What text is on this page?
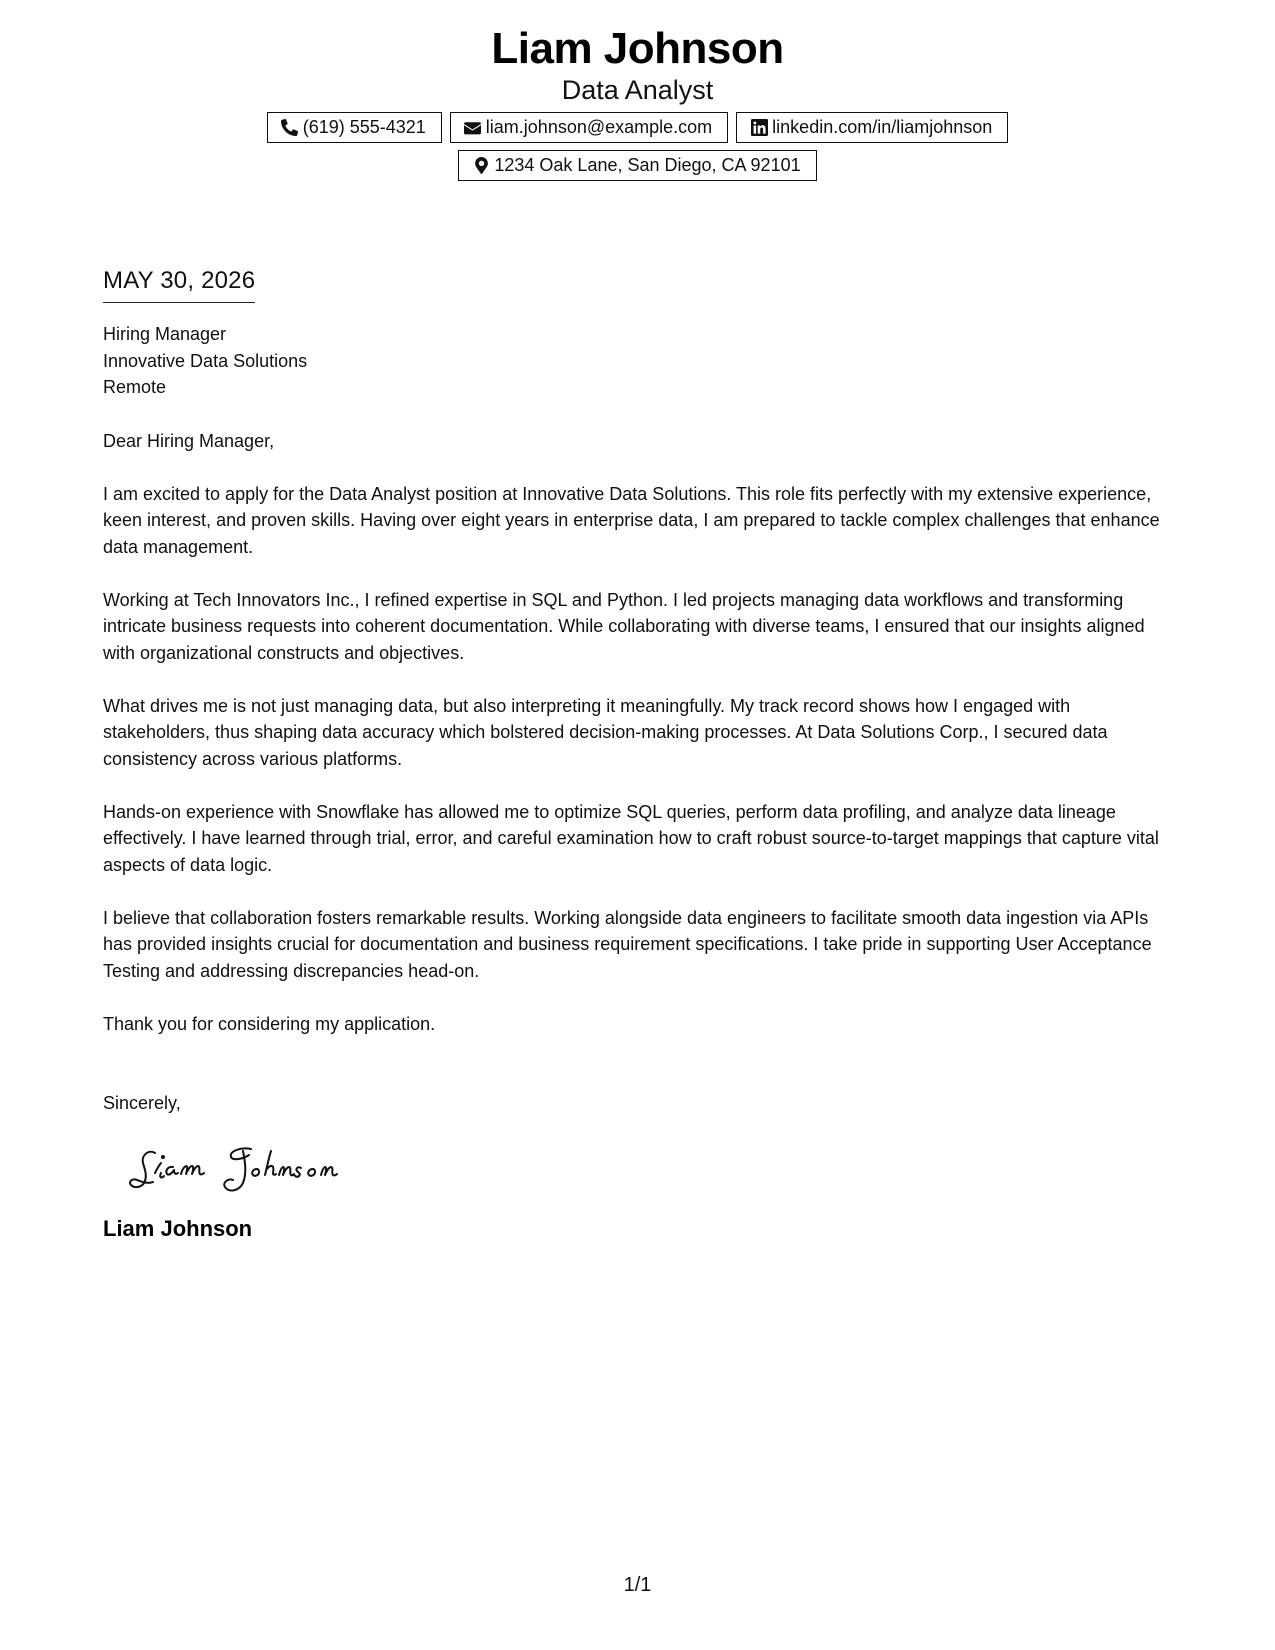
Liam Johnson
Data Analyst
(619) 555-4321	liam.johnson@example.com	linkedin.com/in/liamjohnson
1234 Oak Lane, San Diego, CA 92101
MAY 30, 2026
Hiring Manager
Innovative Data Solutions
Remote
Dear Hiring Manager,
I am excited to apply for the Data Analyst position at Innovative Data Solutions. This role fits perfectly with my extensive experience, keen interest, and proven skills. Having over eight years in enterprise data, I am prepared to tackle complex challenges that enhance data management.
Working at Tech Innovators Inc., I refined expertise in SQL and Python. I led projects managing data workflows and transforming intricate business requests into coherent documentation. While collaborating with diverse teams, I ensured that our insights aligned with organizational constructs and objectives.
What drives me is not just managing data, but also interpreting it meaningfully. My track record shows how I engaged with stakeholders, thus shaping data accuracy which bolstered decision-making processes. At Data Solutions Corp., I secured data consistency across various platforms.
Hands-on experience with Snowflake has allowed me to optimize SQL queries, perform data profiling, and analyze data lineage effectively. I have learned through trial, error, and careful examination how to craft robust source-to-target mappings that capture vital aspects of data logic.
I believe that collaboration fosters remarkable results. Working alongside data engineers to facilitate smooth data ingestion via APIs has provided insights crucial for documentation and business requirement specifications. I take pride in supporting User Acceptance Testing and addressing discrepancies head-on.
Thank you for considering my application.
Sincerely,
Liam Johnson
1/1
